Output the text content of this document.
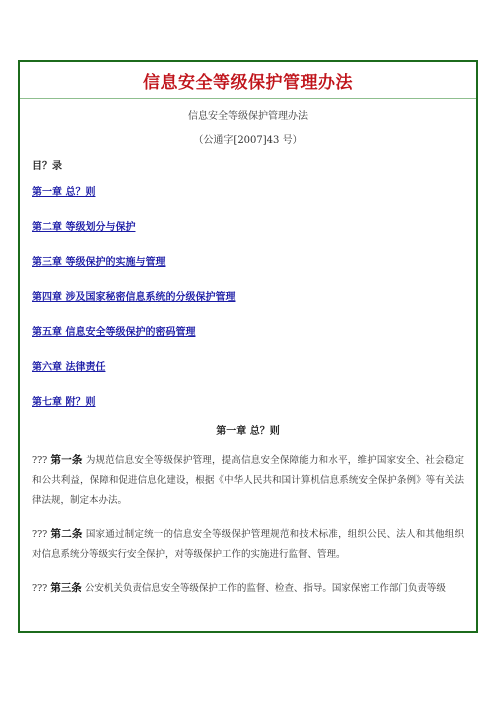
信息安全等级保护管理办法
信息安全等级保护管理办法
（公通字[2007]43 号）
目？录
第一章 总？则
第二章 等级划分与保护
第三章 等级保护的实施与管理
第四章 涉及国家秘密信息系统的分级保护管理
第五章 信息安全等级保护的密码管理
第六章 法律责任
第七章 附？则
第一章 总？则
??? 第一条 为规范信息安全等级保护管理，提高信息安全保障能力和水平，维护国家安全、社会稳定和公共利益，保障和促进信息化建设，根据《中华人民共和国计算机信息系统安全保护条例》等有关法律法规，制定本办法。
??? 第二条 国家通过制定统一的信息安全等级保护管理规范和技术标准，组织公民、法人和其他组织对信息系统分等级实行安全保护，对等级保护工作的实施进行监督、管理。
??? 第三条 公安机关负责信息安全等级保护工作的监督、检查、指导。国家保密工作部门负责等级
